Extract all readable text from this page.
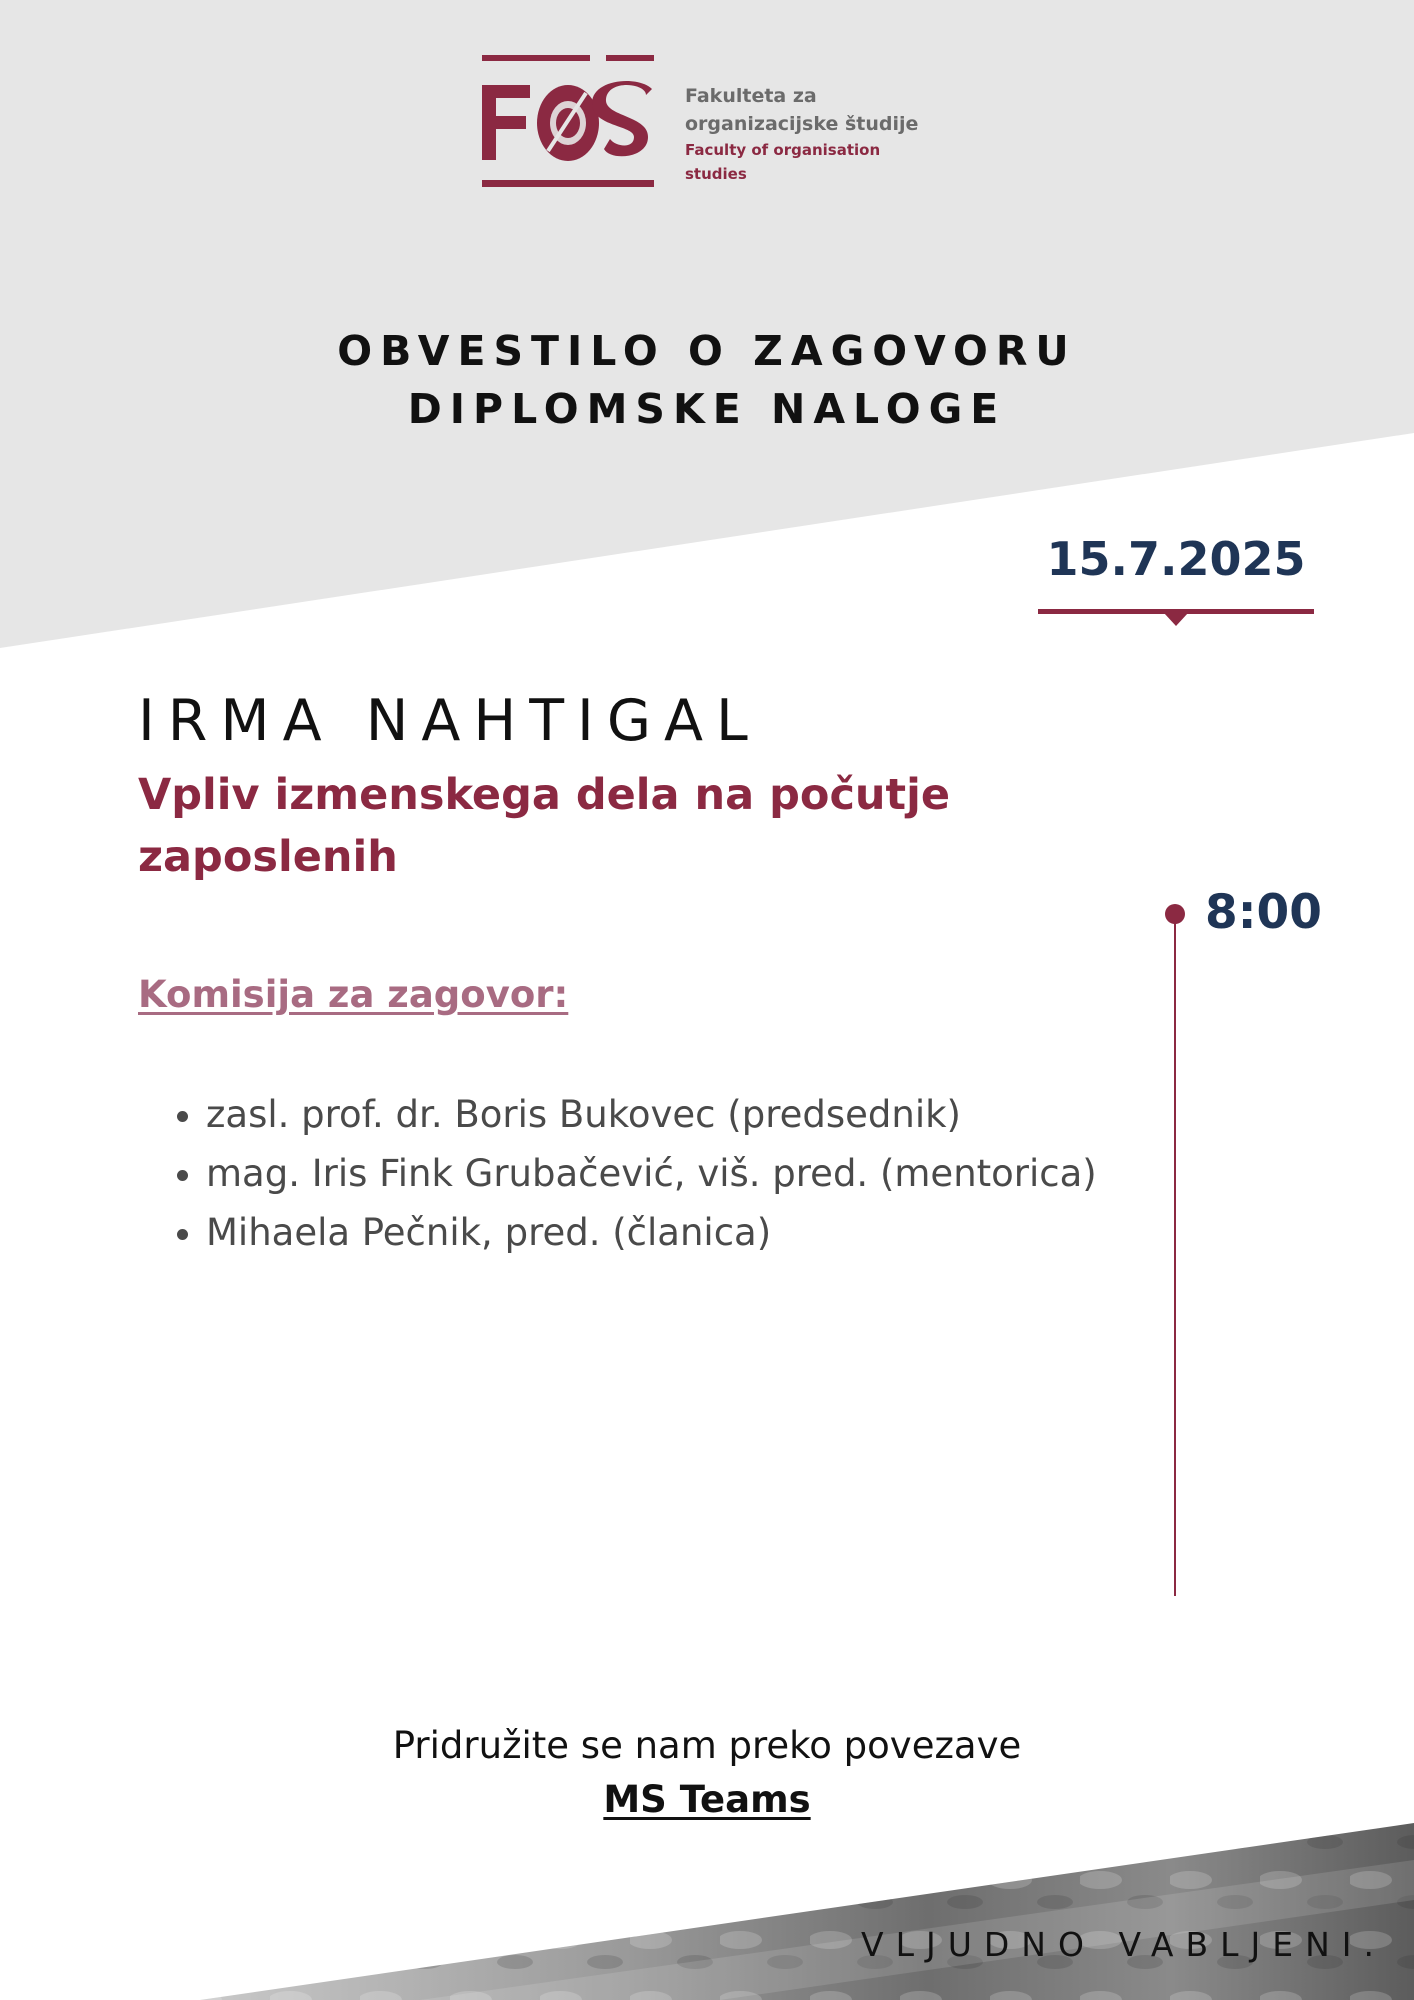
Fakulteta za
organizacijske študije
Faculty of organisation studies
OBVESTILO O ZAGOVORU
DIPLOMSKE NALOGE
15.7.2025
IRMA NAHTIGAL
Vpliv izmenskega dela na počutje zaposlenih
Komisija za zagovor:
• zasl. prof. dr. Boris Bukovec (predsednik)
• mag. Iris Fink Grubačević, viš. pred. (mentorica)
• Mihaela Pečnik, pred. (članica)
8:00
Pridružite se nam preko povezave
MS Teams
VLJUDNO VABLJENI.
